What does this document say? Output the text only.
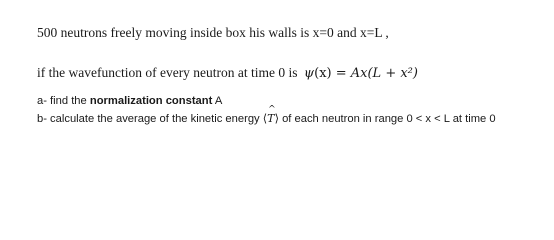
500 neutrons freely moving inside box his walls is x=0 and x=L ,
if the wavefunction of every neutron at time 0 is ψ(x) = Ax(L + x²)
a- find the normalization constant A
b- calculate the average of the kinetic energy ⟨^ T⟩ of each neutron in range 0 < x < L at time 0
